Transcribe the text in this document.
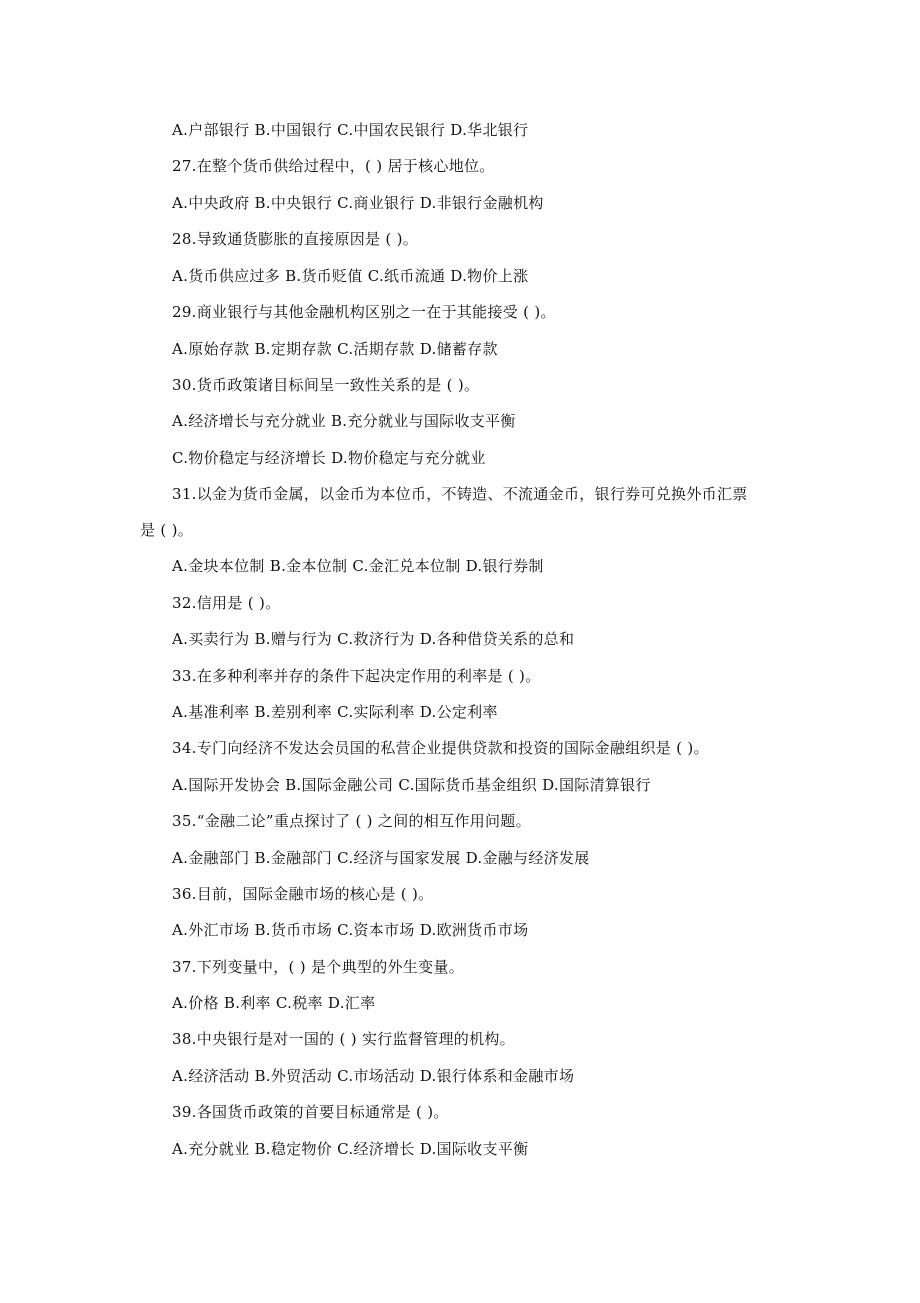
A.户部银行 B.中国银行 C.中国农民银行 D.华北银行
27.在整个货币供给过程中，( ) 居于核心地位。
A.中央政府 B.中央银行 C.商业银行 D.非银行金融机构
28.导致通货膨胀的直接原因是 ( )。
A.货币供应过多 B.货币贬值 C.纸币流通 D.物价上涨
29.商业银行与其他金融机构区别之一在于其能接受 ( )。
A.原始存款 B.定期存款 C.活期存款 D.储蓄存款
30.货币政策诸目标间呈一致性关系的是 ( )。
A.经济增长与充分就业 B.充分就业与国际收支平衡
C.物价稳定与经济增长 D.物价稳定与充分就业
31.以金为货币金属，以金币为本位币，不铸造、不流通金币，银行券可兑换外币汇票
是 ( )。
A.金块本位制 B.金本位制 C.金汇兑本位制 D.银行券制
32.信用是 ( )。
A.买卖行为 B.赠与行为 C.救济行为 D.各种借贷关系的总和
33.在多种利率并存的条件下起决定作用的利率是 ( )。
A.基准利率 B.差别利率 C.实际利率 D.公定利率
34.专门向经济不发达会员国的私营企业提供贷款和投资的国际金融组织是 ( )。
A.国际开发协会 B.国际金融公司 C.国际货币基金组织 D.国际清算银行
35.“金融二论”重点探讨了 ( ) 之间的相互作用问题。
A.金融部门 B.金融部门 C.经济与国家发展 D.金融与经济发展
36.目前，国际金融市场的核心是 ( )。
A.外汇市场 B.货币市场 C.资本市场 D.欧洲货币市场
37.下列变量中，( ) 是个典型的外生变量。
A.价格 B.利率 C.税率 D.汇率
38.中央银行是对一国的 ( ) 实行监督管理的机构。
A.经济活动 B.外贸活动 C.市场活动 D.银行体系和金融市场
39.各国货币政策的首要目标通常是 ( )。
A.充分就业 B.稳定物价 C.经济增长 D.国际收支平衡
